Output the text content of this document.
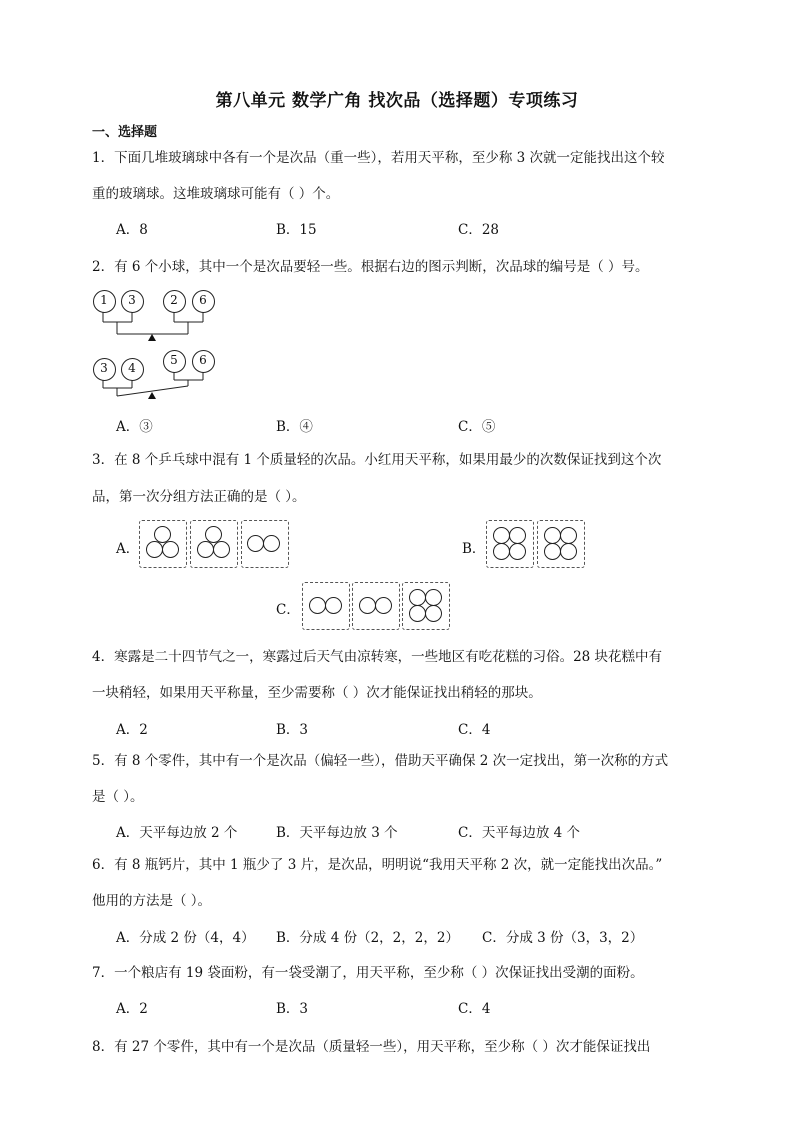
第八单元 数学广角 找次品（选择题）专项练习
一、选择题
1．下面几堆玻璃球中各有一个是次品（重一些），若用天平称，至少称 3 次就一定能找出这个较
重的玻璃球。这堆玻璃球可能有（ ）个。
A．8	B．15	C．28
2．有 6 个小球，其中一个是次品要轻一些。根据右边的图示判断，次品球的编号是（ ）号。
1	3	2	6
3	4
5	6
A．③	B．④	C．⑤
3．在 8 个乒乓球中混有 1 个质量轻的次品。小红用天平称，如果用最少的次数保证找到这个次
品，第一次分组方法正确的是（ ）。
A．	B．
C．
4．寒露是二十四节气之一，寒露过后天气由凉转寒，一些地区有吃花糕的习俗。28 块花糕中有
一块稍轻，如果用天平称量，至少需要称（ ）次才能保证找出稍轻的那块。
A．2	B．3	C．4
5．有 8 个零件，其中有一个是次品（偏轻一些），借助天平确保 2 次一定找出，第一次称的方式
是（ ）。
A．天平每边放 2 个	B．天平每边放 3 个	C．天平每边放 4 个
6．有 8 瓶钙片，其中 1 瓶少了 3 片，是次品，明明说“我用天平称 2 次，就一定能找出次品。”
他用的方法是（ ）。
A．分成 2 份（4，4） B．分成 4 份（2，2，2，2） C．分成 3 份（3，3，2）
7．一个粮店有 19 袋面粉，有一袋受潮了，用天平称，至少称（ ）次保证找出受潮的面粉。
A．2	B．3	C．4
8．有 27 个零件，其中有一个是次品（质量轻一些），用天平称，至少称（ ）次才能保证找出
